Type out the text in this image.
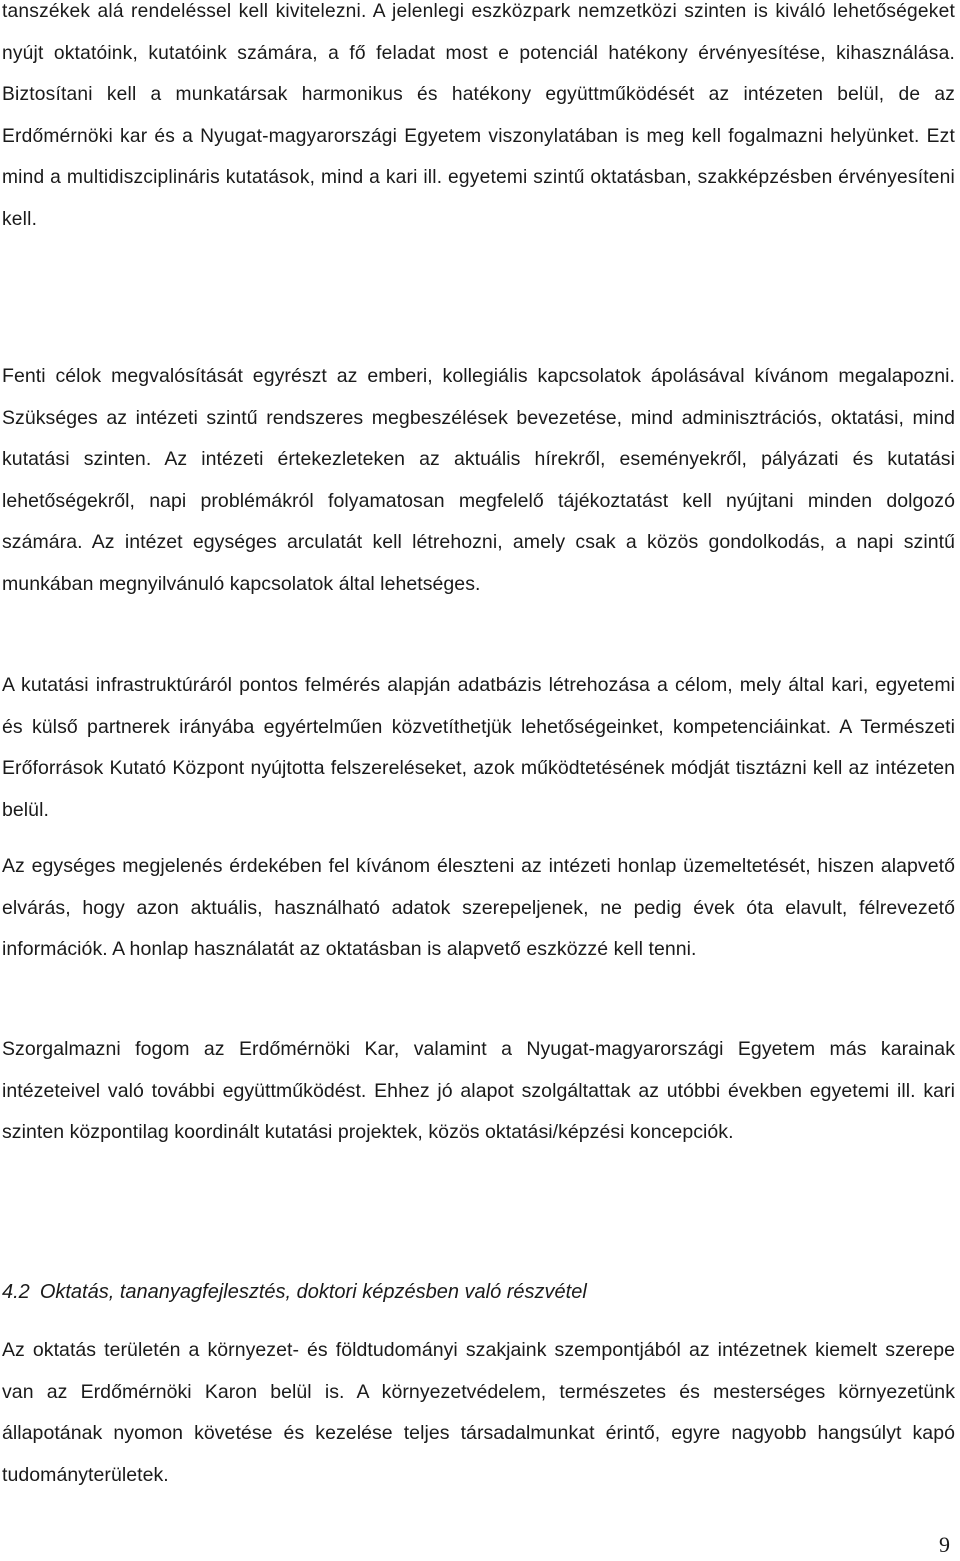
tanszékek alá rendeléssel kell kivitelezni. A jelenlegi eszközpark nemzetközi szinten is kiváló lehetőségeket nyújt oktatóink, kutatóink számára, a fő feladat most e potenciál hatékony érvényesítése, kihasználása. Biztosítani kell a munkatársak harmonikus és hatékony együttműködését az intézeten belül, de az Erdőmérnöki kar és a Nyugat-magyarországi Egyetem viszonylatában is meg kell fogalmazni helyünket. Ezt mind a multidiszciplináris kutatások, mind a kari ill. egyetemi szintű oktatásban, szakképzésben érvényesíteni kell.

Fenti célok megvalósítását egyrészt az emberi, kollegiális kapcsolatok ápolásával kívánom megalapozni. Szükséges az intézeti szintű rendszeres megbeszélések bevezetése, mind adminisztrációs, oktatási, mind kutatási szinten. Az intézeti értekezleteken az aktuális hírekről, eseményekről, pályázati és kutatási lehetőségekről, napi problémákról folyamatosan megfelelő tájékoztatást kell nyújtani minden dolgozó számára. Az intézet egységes arculatát kell létrehozni, amely csak a közös gondolkodás, a napi szintű munkában megnyilvánuló kapcsolatok által lehetséges.

A kutatási infrastruktúráról pontos felmérés alapján adatbázis létrehozása a célom, mely által kari, egyetemi és külső partnerek irányába egyértelműen közvetíthetjük lehetőségeinket, kompetenciáinkat. A Természeti Erőforrások Kutató Központ nyújtotta felszereléseket, azok működtetésének módját tisztázni kell az intézeten belül.

Az egységes megjelenés érdekében fel kívánom éleszteni az intézeti honlap üzemeltetését, hiszen alapvető elvárás, hogy azon aktuális, használható adatok szerepeljenek, ne pedig évek óta elavult, félrevezető információk. A honlap használatát az oktatásban is alapvető eszközzé kell tenni.

Szorgalmazni fogom az Erdőmérnöki Kar, valamint a Nyugat-magyarországi Egyetem más karainak intézeteivel való további együttműködést. Ehhez jó alapot szolgáltattak az utóbbi években egyetemi ill. kari szinten központilag koordinált kutatási projektek, közös oktatási/képzési koncepciók.

4.2 Oktatás, tananyagfejlesztés, doktori képzésben való részvétel

Az oktatás területén a környezet- és földtudományi szakjaink szempontjából az intézetnek kiemelt szerepe van az Erdőmérnöki Karon belül is. A környezetvédelem, természetes és mesterséges környezetünk állapotának nyomon követése és kezelése teljes társadalmunkat érintő, egyre nagyobb hangsúlyt kapó tudományterületek.

9
